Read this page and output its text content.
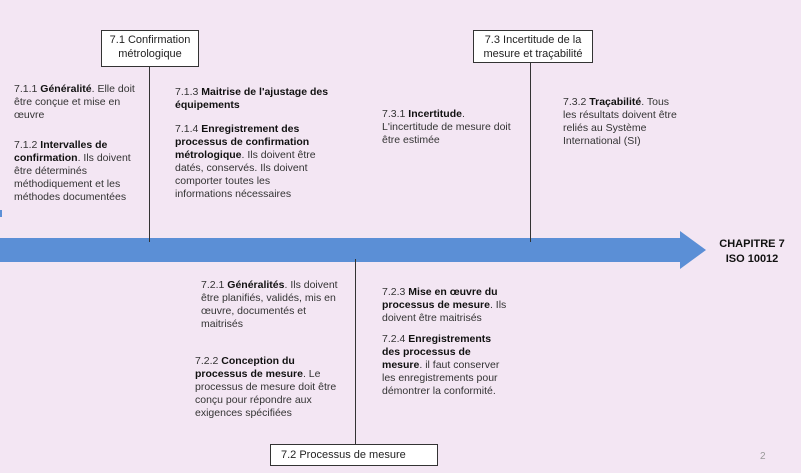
7.1 Confirmation métrologique
7.3 Incertitude de la mesure et traçabilité
7.2 Processus de mesure
CHAPITRE 7
ISO 10012
7.1.1 Généralité. Elle doit être conçue et mise en œuvre
7.1.2 Intervalles de confirmation. Ils doivent être déterminés méthodiquement et les méthodes documentées
7.1.3 Maitrise de l'ajustage des équipements
7.1.4 Enregistrement des processus de confirmation métrologique. Ils doivent être datés, conservés. Ils doivent comporter toutes les informations nécessaires
7.3.1 Incertitude. L'incertitude de mesure doit être estimée
7.3.2 Traçabilité. Tous les résultats doivent être reliés au Système International (SI)
7.2.1 Généralités. Ils doivent être planifiés, validés, mis en œuvre, documentés et maitrisés
7.2.2 Conception du processus de mesure. Le processus de mesure doit être conçu pour répondre aux exigences spécifiées
7.2.3 Mise en œuvre du processus de mesure. Ils doivent être maitrisés
7.2.4 Enregistrements des processus de mesure. il faut conserver les enregistrements pour démontrer la conformité.
2
